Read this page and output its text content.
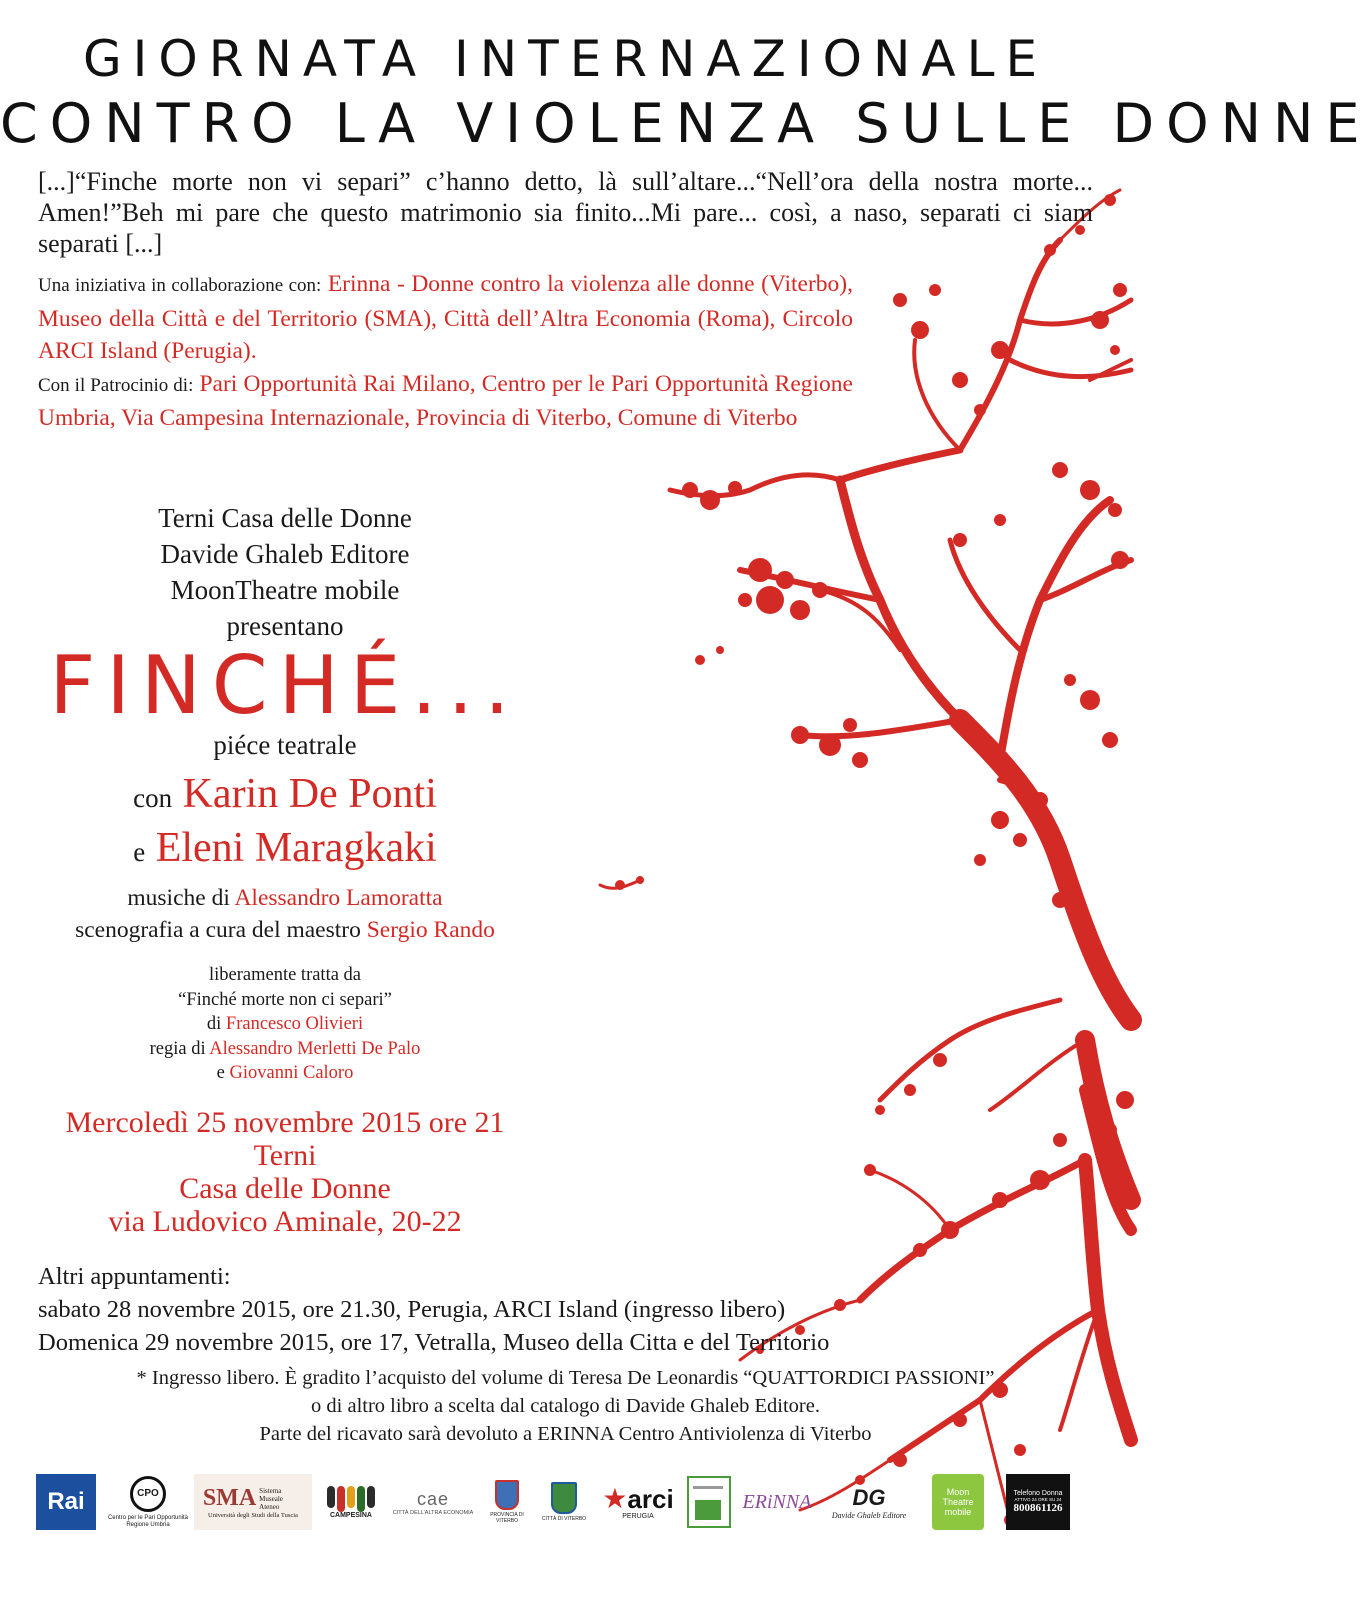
GIORNATA INTERNAZIONALE
CONTRO LA VIOLENZA SULLE DONNE
[...]“Finche morte non vi separi” c’hanno detto, là sull’altare...“Nell’ora della nostra morte... Amen!”Beh mi pare che questo matrimonio sia finito...Mi pare... così, a naso, separati ci siam separati [...]
Una iniziativa in collaborazione con: Erinna - Donne contro la violenza alle donne (Viterbo), Museo della Città e del Territorio (SMA), Città dell’Altra Economia (Roma), Circolo ARCI Island (Perugia).
Con il Patrocinio di: Pari Opportunità Rai Milano, Centro per le Pari Opportunità Regione Umbria, Via Campesina Internazionale, Provincia di Viterbo, Comune di Viterbo
Terni Casa delle Donne
Davide Ghaleb Editore
MoonTheatre mobile
presentano
FINCHÉ...
piéce teatrale
con Karin De Ponti
e Eleni Maragkaki
musiche di Alessandro Lamoratta
scenografia a cura del maestro Sergio Rando
liberamente tratta da
“Finché morte non ci separi”
di Francesco Olivieri
regia di Alessandro Merletti De Palo
e Giovanni Caloro
Mercoledì 25 novembre 2015 ore 21
Terni
Casa delle Donne
via Ludovico Aminale, 20-22
Altri appuntamenti:
sabato 28 novembre 2015, ore 21.30, Perugia, ARCI Island (ingresso libero)
Domenica 29 novembre 2015, ore 17, Vetralla, Museo della Citta e del Territorio
* Ingresso libero. È gradito l’acquisto del volume di Teresa De Leonardis “QUATTORDICI PASSIONI”
o di altro libro a scelta dal catalogo di Davide Ghaleb Editore.
Parte del ricavato sarà devoluto a ERINNA Centro Antiviolenza di Viterbo
Rai	CPO
Centro per le Pari Opportunità Regione Umbria
SMA Sistema Museale Ateneo
Università degli Studi della Tuscia	CAMPESINA
cae
CITTÀ DELL’ALTRA ECONOMIA	PROVINCIA DI VITERBO	CITTÀ DI VITERBO
★ arci
PERUGIA
ERiNNA DG
Davide Ghaleb Editore
Moon
Theatre
mobile
Telefono Donna
ATTIVO 24 ORE SU 24
800861126
